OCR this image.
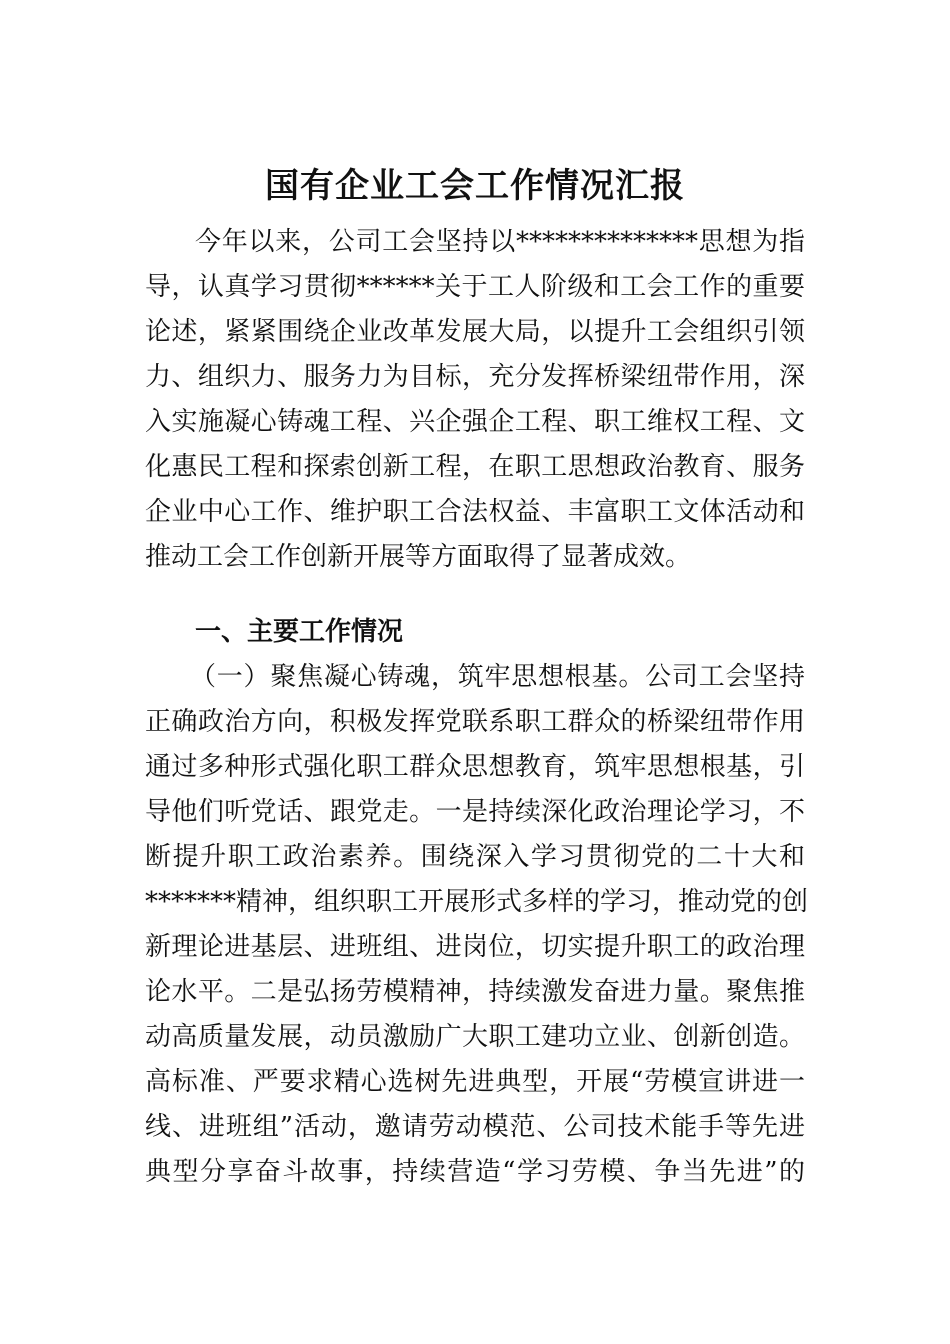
国有企业工会工作情况汇报
今年以来，公司工会坚持以**************思想为指
导，认真学习贯彻******关于工人阶级和工会工作的重要
论述，紧紧围绕企业改革发展大局，以提升工会组织引领
力、组织力、服务力为目标，充分发挥桥梁纽带作用，深
入实施凝心铸魂工程、兴企强企工程、职工维权工程、文
化惠民工程和探索创新工程，在职工思想政治教育、服务
企业中心工作、维护职工合法权益、丰富职工文体活动和
推动工会工作创新开展等方面取得了显著成效。
一、主要工作情况
（一）聚焦凝心铸魂，筑牢思想根基。公司工会坚持
正确政治方向，积极发挥党联系职工群众的桥梁纽带作用
通过多种形式强化职工群众思想教育，筑牢思想根基，引
导他们听党话、跟党走。一是持续深化政治理论学习，不
断提升职工政治素养。围绕深入学习贯彻党的二十大和
*******精神，组织职工开展形式多样的学习，推动党的创
新理论进基层、进班组、进岗位，切实提升职工的政治理
论水平。二是弘扬劳模精神，持续激发奋进力量。聚焦推
动高质量发展，动员激励广大职工建功立业、创新创造。
高标准、严要求精心选树先进典型，开展“劳模宣讲进一
线、进班组”活动，邀请劳动模范、公司技术能手等先进
典型分享奋斗故事，持续营造“学习劳模、争当先进”的
